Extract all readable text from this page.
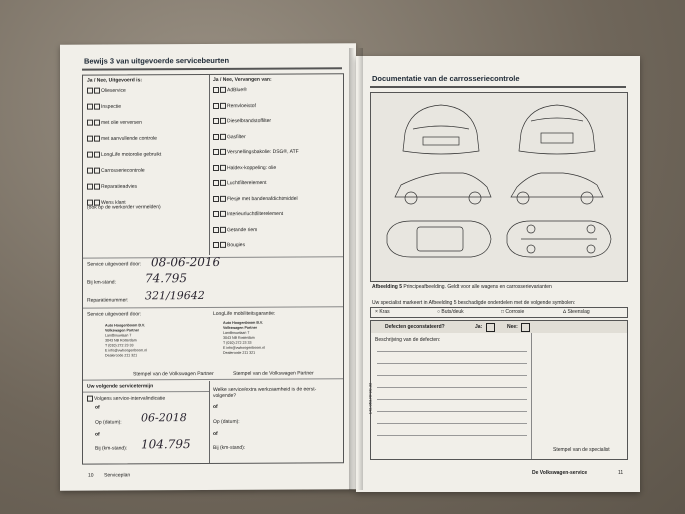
Bewijs 3 van uitgevoerde servicebeurten
Ja / Nee, Uitgevoerd is:	Ja / Nee, Vervangen van:
Olieservice
Inspectie
met olie verversen
met aanvullende controle
LongLife motorolie gebruikt
Carrosseriecontrole
Reparatieadvies
Wens klant
(ook op de werkorder vermelden)
AdBlue®
Remvloeistof
Dieselbrandstoffilter
Gasfilter
Versnellingsbakolie: DSG®, ATF
Haldex-koppeling: olie
Luchtfilterelement
Flesje met bandenafdichtmiddel
Interieurluchtfilterelement
Getande riem
Bougies
Service uitgevoerd door: 08-06-2016
Bij km-stand: 74.795
Reparatienummer: 321/19642
Service uitgevoerd door:	LongLife mobiliteitsgarantie:
Auto Hoogenboom B.V.
Volkswagen Partner
Landbouwlaan 7
3043 NB Rotterdam
T (010) 272 23 33
E info@vwhoogenboom.nl
Dealercode 211 321
Auto Hoogenboom B.V.
Volkswagen Partner
Landbouwlaan 7
3043 NB Rotterdam
T (010) 272 23 33
E info@vwhoogenboom.nl
Dealercode 211 321
Stempel van de Volkswagen Partner	Stempel van de Volkswagen Partner
Uw volgende servicetermijn
Volgens service-intervalindicatie
of
Op (datum): 06-2018
of
Bij (km-stand): 104.795
Welke service/extra werkzaamheid is de eerst-volgende?
of
Op (datum):
of
Bij (km-stand):
10 Serviceplan
Documentatie van de carrosseriecontrole
Afbeelding 5 Principeafbeelding. Geldt voor alle wagens en carrosserievarianten
Uw specialist markeert in Afbeelding 5 beschadigde onderdelen met de volgende symbolen:
× Kras	○ Buts/deuk	□ Corrosie	∆ Steenslag
Defecten geconstateerd?	Ja:	Nee:
Beschrijving van de defecten:
Stempel van de specialist
142.053.RF9C.32
De Volkswagen-service	11
